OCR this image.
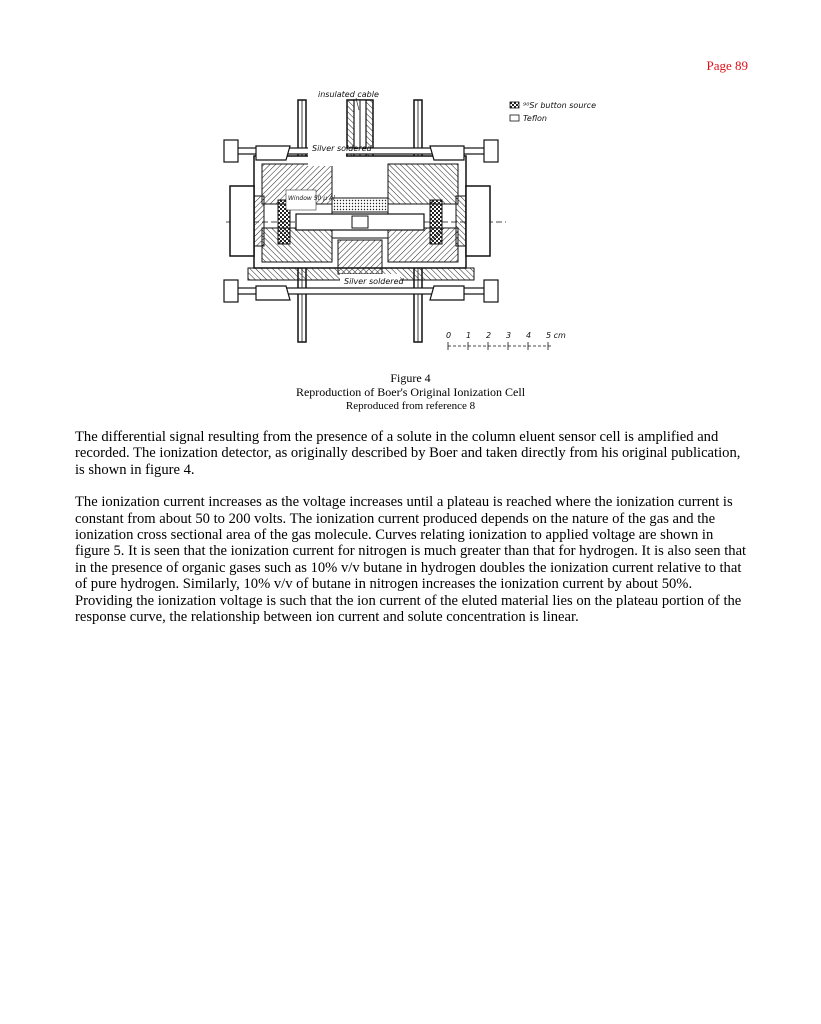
Page 89
insulated cable
⁹⁰Sr button source
Teflon
Silver soldered
Window 50 μ Al
Silver soldered
0 1 2 3 4 5 cm
Figure 4
Reproduction of Boer's Original Ionization Cell
Reproduced from reference 8

The differential signal resulting from the presence of a solute in the column eluent sensor cell is amplified and recorded. The ionization detector, as originally described by Boer and taken directly from his original publication, is shown in figure 4.

The ionization current increases as the voltage increases until a plateau is reached where the ionization current is constant from about 50 to 200 volts. The ionization current produced depends on the nature of the gas and the ionization cross sectional area of the gas molecule. Curves relating ionization to applied voltage are shown in figure 5. It is seen that the ionization current for nitrogen is much greater than that for hydrogen. It is also seen that in the presence of organic gases such as 10% v/v butane in hydrogen doubles the ionization current relative to that of pure hydrogen. Similarly, 10% v/v of butane in nitrogen increases the ionization current by about 50%. Providing the ionization voltage is such that the ion current of the eluted material lies on the plateau portion of the response curve, the relationship between ion current and solute concentration is linear.
